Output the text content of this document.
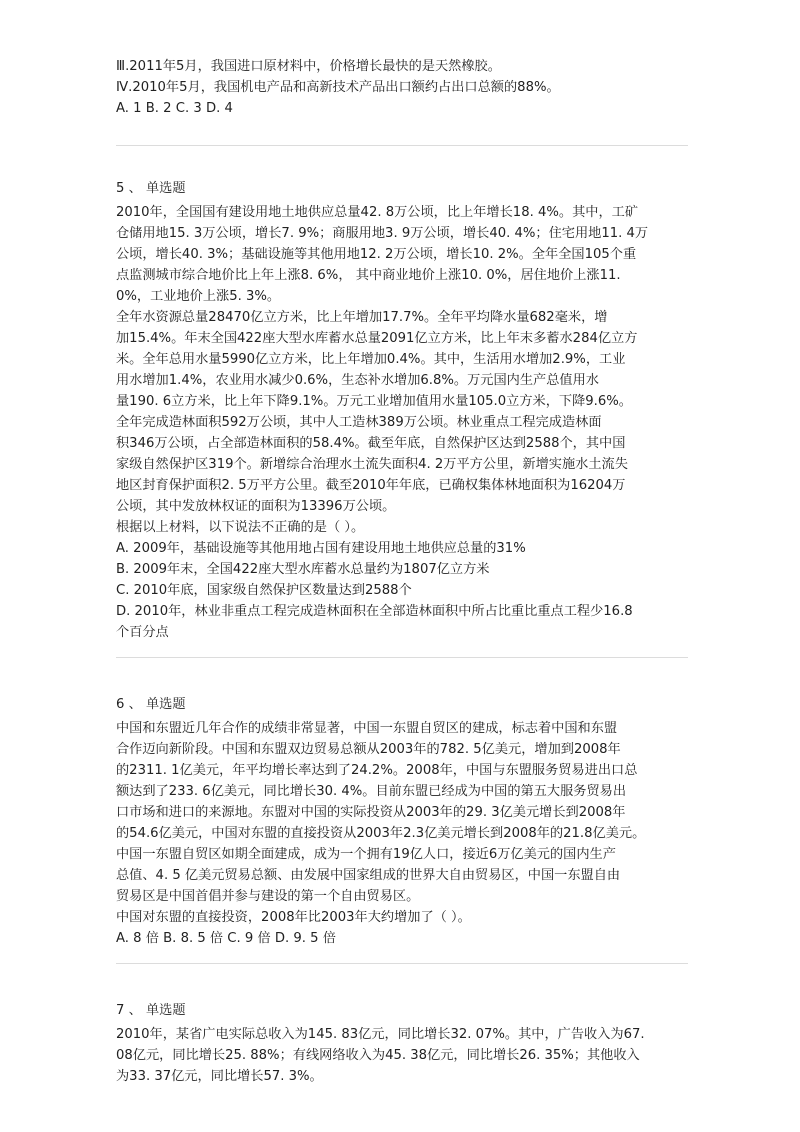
Ⅲ.2011年5月，我国进口原材料中，价格增长最快的是天然橡胶。
Ⅳ.2010年5月，我国机电产品和高新技术产品出口额约占出口总额的88%。
A. 1 B. 2 C. 3 D. 4
5 、 单选题
2010年，全国国有建设用地土地供应总量42. 8万公顷，比上年增长18. 4%。其中，工矿
仓储用地15. 3万公顷，增长7. 9%；商服用地3. 9万公顷，增长40. 4%；住宅用地11. 4万
公顷，增长40. 3%；基础设施等其他用地12. 2万公顷，增长10. 2%。全年全国105个重
点监测城市综合地价比上年上涨8. 6%， 其中商业地价上涨10. 0%，居住地价上涨11.
0%，工业地价上涨5. 3%。
全年水资源总量28470亿立方米，比上年增加17.7%。全年平均降水量682毫米，增
加15.4%。年末全国422座大型水库蓄水总量2091亿立方米，比上年末多蓄水284亿立方
米。全年总用水量5990亿立方米，比上年增加0.4%。其中，生活用水增加2.9%，工业
用水增加1.4%，农业用水减少0.6%，生态补水增加6.8%。万元国内生产总值用水
量190. 6立方米，比上年下降9.1%。万元工业增加值用水量105.0立方米，下降9.6%。
全年完成造林面积592万公顷，其中人工造林389万公顷。林业重点工程完成造林面
积346万公顷，占全部造林面积的58.4%。截至年底，自然保护区达到2588个，其中国
家级自然保护区319个。新增综合治理水土流失面积4. 2万平方公里，新增实施水土流失
地区封育保护面积2. 5万平方公里。截至2010年年底，已确权集体林地面积为16204万
公顷，其中发放林权证的面积为13396万公顷。
根据以上材料，以下说法不正确的是（ ）。
A. 2009年，基础设施等其他用地占国有建设用地土地供应总量的31%
B. 2009年末，全国422座大型水库蓄水总量约为1807亿立方米
C. 2010年底，国家级自然保护区数量达到2588个
D. 2010年，林业非重点工程完成造林面积在全部造林面积中所占比重比重点工程少16.8
个百分点
6 、 单选题
中国和东盟近几年合作的成绩非常显著，中国一东盟自贸区的建成，标志着中国和东盟
合作迈向新阶段。中国和东盟双边贸易总额从2003年的782. 5亿美元，增加到2008年
的2311. 1亿美元，年平均增长率达到了24.2%。2008年，中国与东盟服务贸易进出口总
额达到了233. 6亿美元，同比增长30. 4%。目前东盟已经成为中国的第五大服务贸易出
口市场和进口的来源地。东盟对中国的实际投资从2003年的29. 3亿美元增长到2008年
的54.6亿美元，中国对东盟的直接投资从2003年2.3亿美元增长到2008年的21.8亿美元。
中国一东盟自贸区如期全面建成，成为一个拥有19亿人口，接近6万亿美元的国内生产
总值、4. 5 亿美元贸易总额、由发展中国家组成的世界大自由贸易区，中国一东盟自由
贸易区是中国首倡并参与建设的第一个自由贸易区。
中国对东盟的直接投资，2008年比2003年大约增加了（ ）。
A. 8 倍 B. 8. 5 倍 C. 9 倍 D. 9. 5 倍
7 、 单选题
2010年，某省广电实际总收入为145. 83亿元，同比增长32. 07%。其中，广告收入为67.
08亿元，同比增长25. 88%；有线网络收入为45. 38亿元，同比增长26. 35%；其他收入
为33. 37亿元，同比增长57. 3%。
